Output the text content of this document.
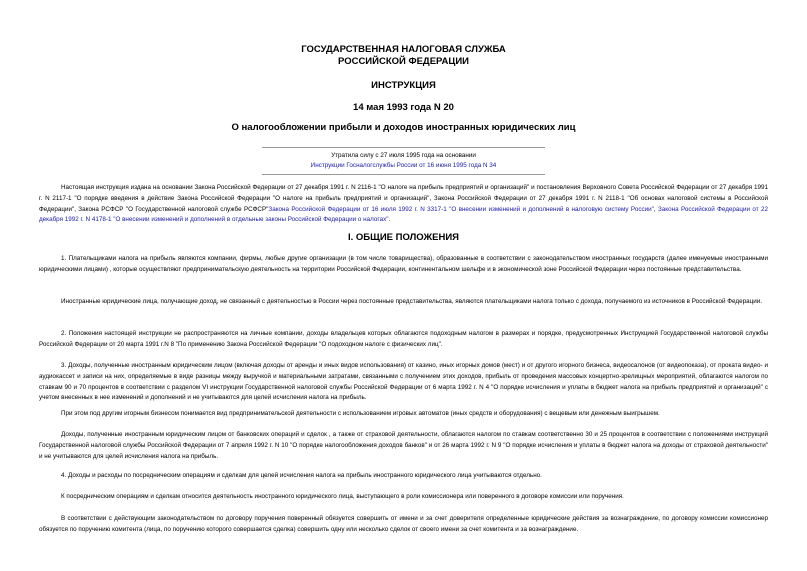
ГОСУДАРСТВЕННАЯ НАЛОГОВАЯ СЛУЖБА
РОССИЙСКОЙ ФЕДЕРАЦИИ
ИНСТРУКЦИЯ
14 мая 1993 года N 20
О налогообложении прибыли и доходов иностранных юридических лиц
Утратила силу с 27 июля 1995 года на основании
Инструкции Госналогслужбы России от 16 июня 1995 года N 34

Настоящая инструкция издана на основании Закона Российской Федерации от 27 декабря 1991 г. N 2116-1 "О налоге на прибыль предприятий и организаций" и постановления Верховного Совета Российской Федерации от 27 декабря 1991 г. N 2117-1 "О порядке введения в действие Закона Российской Федерации "О налоге на прибыль предприятий и организаций", Закона Российской Федерации от 27 декабря 1991 г. N 2118-1 "Об основах налоговой системы в Российской Федерации", Закона РСФСР "О Государственной налоговой службе РСФСР"Закона Российской Федерации от 16 июля 1992 г. N 3317-1 "О внесении изменений и дополнений в налоговую систему России", Закона Российской Федерации от 22 декабря 1992 г. N 4178-1 "О внесении изменений и дополнений в отдельные законы Российской Федерации о налогах".

I. ОБЩИЕ ПОЛОЖЕНИЯ

1. Плательщиками налога на прибыль являются компании, фирмы, любые другие организации (в том числе товарищества), образованные в соответствии с законодательством иностранных государств (далее именуемые иностранными юридическими лицами) , которые осуществляют предпринимательскую деятельность на территории Российской Федерации, континентальном шельфе и в экономической зоне Российской Федерации через постоянные представительства.

Иностранные юридические лица, получающие доход, не связанный с деятельностью в России через постоянные представительства, являются плательщиками налога только с дохода, получаемого из источников в Российской Федерации.

2. Положения настоящей инструкции не распространяются на личные компании, доходы владельцев которых облагаются подоходным налогом в размерах и порядке, предусмотренных Инструкцией Государственной налоговой службы Российской Федерации от 20 марта 1991 г.N 8 "По применению Закона Российской Федерации "О подоходном налоге с физических лиц".

3. Доходы, полученные иностранным юридическим лицом (включая доходы от аренды и иных видов использования) от казино, иных игорных домов (мест) и от другого игорного бизнеса, видеосалонов (от видеопоказа), от проката видео- и аудиокассет и записи на них, определяемые в виде разницы между выручкой и материальными затратами, связанными с получением этих доходов, прибыль от проведения массовых концертно-зрелищных мероприятий, облагаются налогом по ставкам 90 и 70 процентов в соответствии с разделом VI инструкции Государственной налоговой службы Российской Федерации от 6 марта 1992 г. N 4 "О порядке исчисления и уплаты в бюджет налога на прибыль предприятий и организаций" с учетом внесенных в нее изменений и дополнений и не учитываются для целей исчисления налога на прибыль.

При этом под другим игорным бизнесом понимается вид предпринимательской деятельности с использованием игровых автоматов (иных средств и оборудования) с вещевым или денежным выигрышем.

Доходы, полученные иностранным юридическим лицом от банковских операций и сделок , а также от страховой деятельности, облагаются налогом по ставкам соответственно 30 и 25 процентов в соответствии с положениями инструкций Государственной налоговой службы Российской Федерации от 7 апреля 1992 г. N 10 "О порядке налогообложения доходов банков" и от 26 марта 1992 г. N 9 "О порядке исчисления и уплаты в бюджет налога на доходы от страховой деятельности" и не учитываются для целей исчисления налога на прибыль.

4. Доходы и расходы по посредническим операциям и сделкам для целей исчисления налога на прибыль иностранного юридического лица учитываются отдельно.

К посредническим операциям и сделкам относится деятельность иностранного юридического лица, выступающего в роли комиссионера или поверенного в договоре комиссии или поручения.

В соответствии с действующим законодательством по договору поручения поверенный обязуется совершить от имени и за счет доверителя определенные юридические действия за вознаграждение, по договору комиссии комиссионер обязуется по поручению комитента (лица, по поручению которого совершается сделка) совершить одну или несколько сделок от своего имени за счет комитента и за вознаграждение.
